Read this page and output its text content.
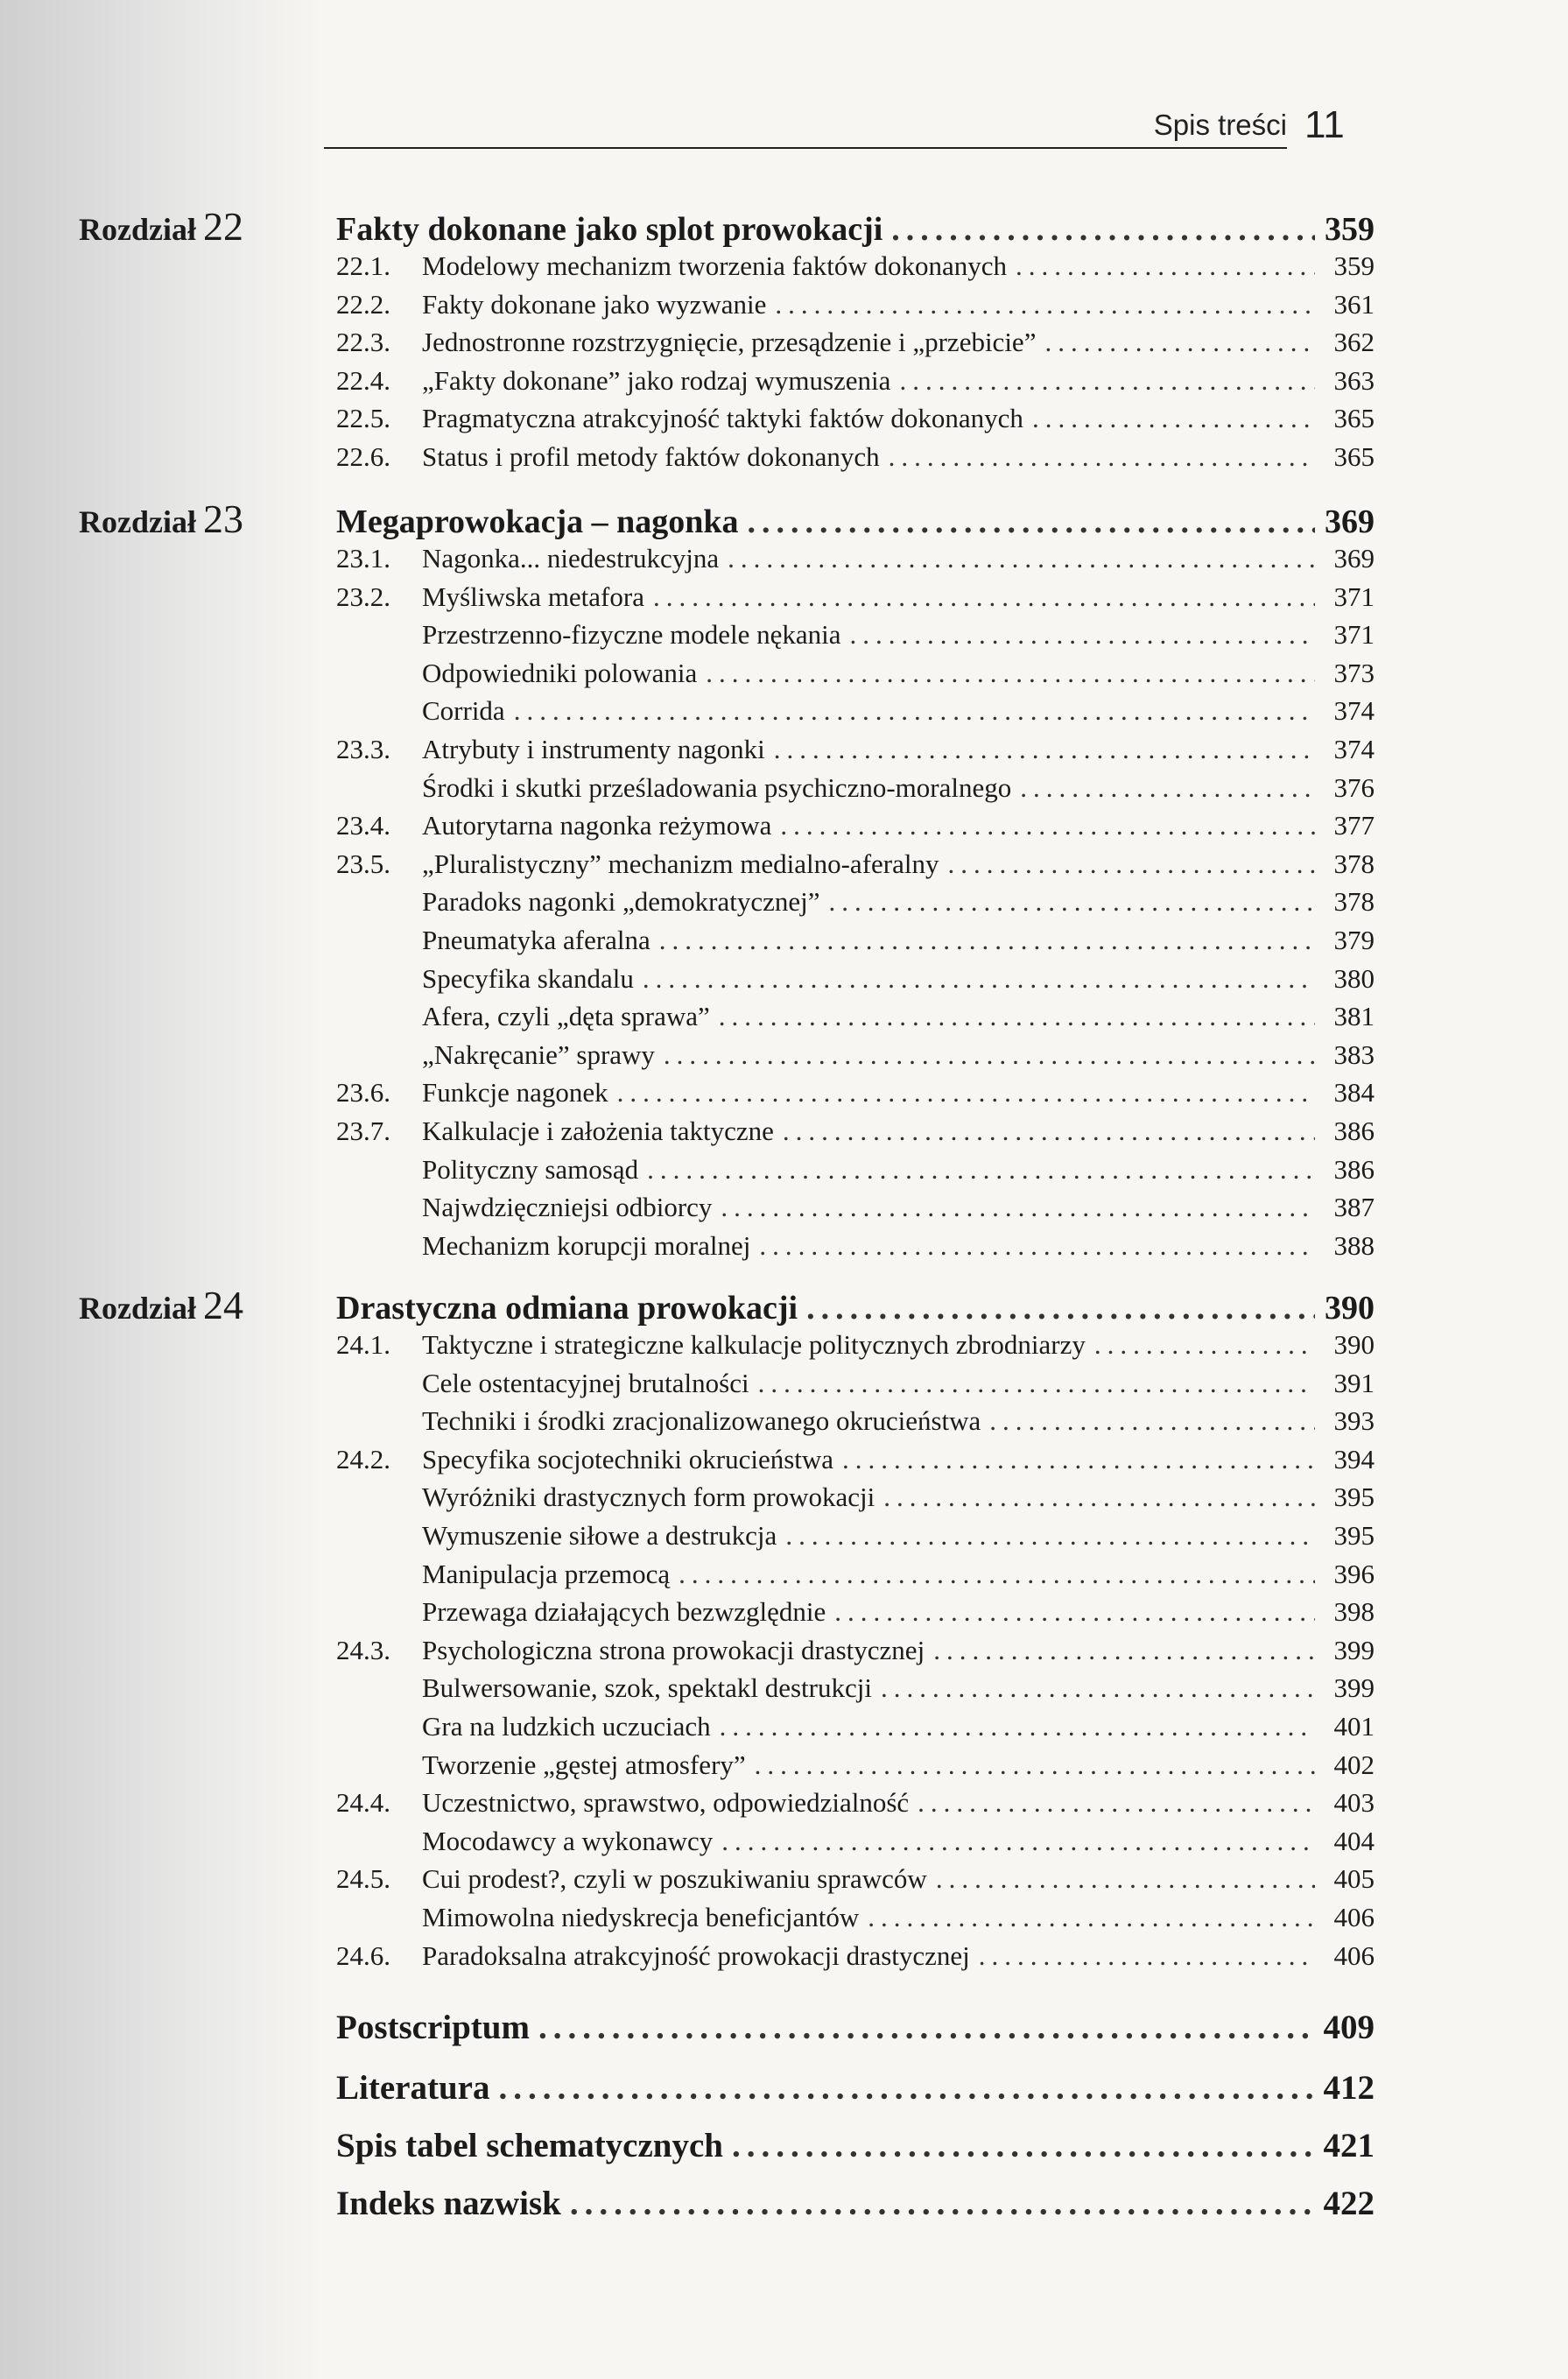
Spis treści 11
Rozdział 22	Fakty dokonane jako splot prowokacji .....	359
22.1.	Modelowy mechanizm tworzenia faktów dokonanych .....	359
22.2.	Fakty dokonane jako wyzwanie .....	361
22.3.	Jednostronne rozstrzygnięcie, przesądzenie i „przebicie” .....	362
22.4.	„Fakty dokonane” jako rodzaj wymuszenia .....	363
22.5.	Pragmatyczna atrakcyjność taktyki faktów dokonanych .....	365
22.6.	Status i profil metody faktów dokonanych .....	365
Rozdział 23	Megaprowokacja – nagonka .....	369
23.1.	Nagonka... niedestrukcyjna .....	369
23.2.	Myśliwska metafora .....	371
Przestrzenno-fizyczne modele nękania .....	371
Odpowiedniki polowania .....	373
Corrida .....	374
23.3.	Atrybuty i instrumenty nagonki .....	374
Środki i skutki prześladowania psychiczno-moralnego .....	376
23.4.	Autorytarna nagonka reżymowa .....	377
23.5.	„Pluralistyczny” mechanizm medialno-aferalny .....	378
Paradoks nagonki „demokratycznej” .....	378
Pneumatyka aferalna .....	379
Specyfika skandalu .....	380
Afera, czyli „dęta sprawa” .....	381
„Nakręcanie” sprawy .....	383
23.6.	Funkcje nagonek .....	384
23.7.	Kalkulacje i założenia taktyczne .....	386
Polityczny samosąd .....	386
Najwdzięczniejsi odbiorcy .....	387
Mechanizm korupcji moralnej .....	388
Rozdział 24	Drastyczna odmiana prowokacji .....	390
24.1.	Taktyczne i strategiczne kalkulacje politycznych zbrodniarzy .....	390
Cele ostentacyjnej brutalności .....	391
Techniki i środki zracjonalizowanego okrucieństwa .....	393
24.2.	Specyfika socjotechniki okrucieństwa .....	394
Wyróżniki drastycznych form prowokacji .....	395
Wymuszenie siłowe a destrukcja .....	395
Manipulacja przemocą .....	396
Przewaga działających bezwzględnie .....	398
24.3.	Psychologiczna strona prowokacji drastycznej .....	399
Bulwersowanie, szok, spektakl destrukcji .....	399
Gra na ludzkich uczuciach .....	401
Tworzenie „gęstej atmosfery” .....	402
24.4.	Uczestnictwo, sprawstwo, odpowiedzialność .....	403
Mocodawcy a wykonawcy .....	404
24.5.	Cui prodest?, czyli w poszukiwaniu sprawców .....	405
Mimowolna niedyskrecja beneficjantów .....	406
24.6.	Paradoksalna atrakcyjność prowokacji drastycznej .....	406
Postscriptum .....	409
Literatura .....	412
Spis tabel schematycznych .....	421
Indeks nazwisk .....	422
